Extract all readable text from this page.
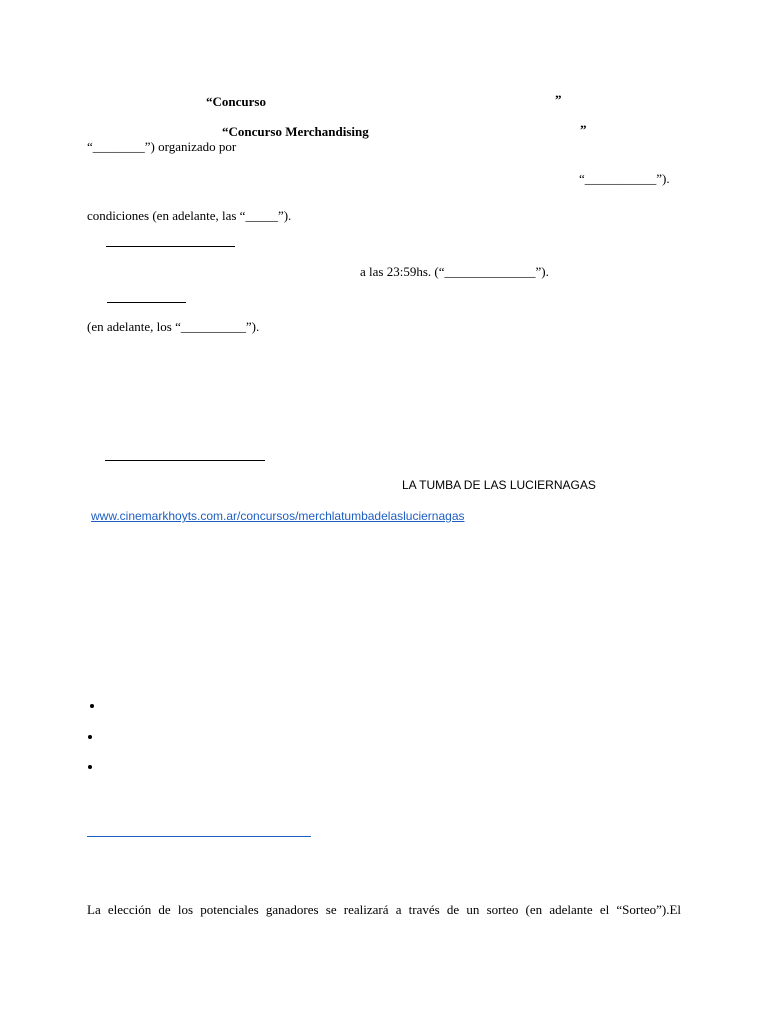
“Concurso	”
“Concurso Merchandising	”
“________”) organizado por
“___________”).
condiciones (en adelante, las “_____”).
a las 23:59hs. (“______________”).
(en adelante, los “__________”).
LA TUMBA DE LAS LUCIERNAGAS
www.cinemarkhoyts.com.ar/concursos/merchlatumbadelasluciernagas
La elección de los potenciales ganadores se realizará a través de un sorteo (en adelante el “Sorteo”).El
